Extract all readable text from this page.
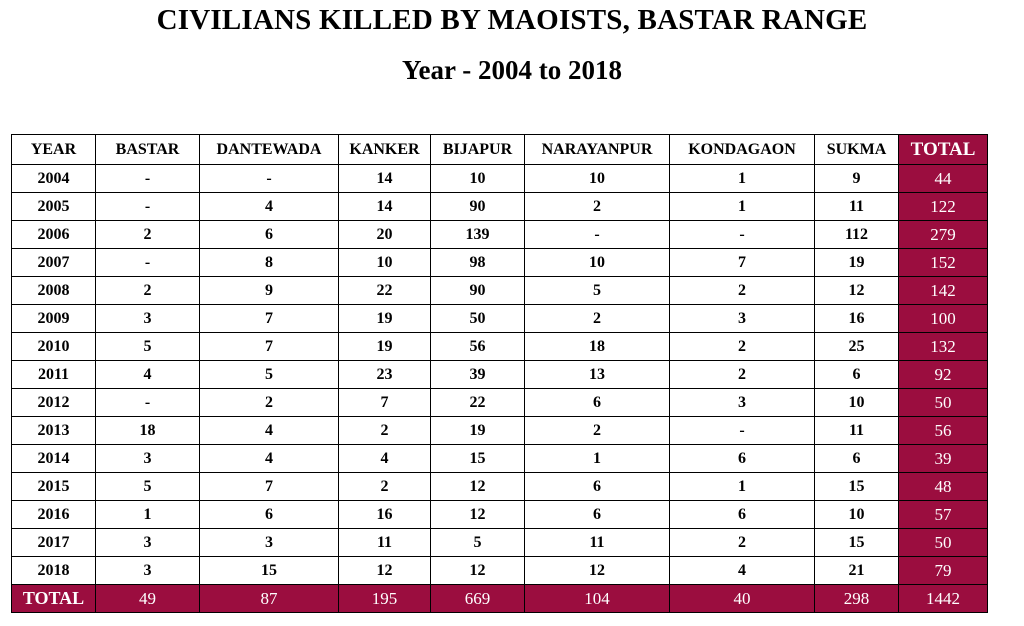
CIVILIANS KILLED BY MAOISTS, BASTAR RANGE
Year - 2004 to 2018
YEAR	BASTAR	DANTEWADA	KANKER	BIJAPUR	NARAYANPUR	KONDAGAON	SUKMA	TOTAL
2004	-	-	14	10	10	1	9	44
2005	-	4	14	90	2	1	11	122
2006	2	6	20	139	-	-	112	279
2007	-	8	10	98	10	7	19	152
2008	2	9	22	90	5	2	12	142
2009	3	7	19	50	2	3	16	100
2010	5	7	19	56	18	2	25	132
2011	4	5	23	39	13	2	6	92
2012	-	2	7	22	6	3	10	50
2013	18	4	2	19	2	-	11	56
2014	3	4	4	15	1	6	6	39
2015	5	7	2	12	6	1	15	48
2016	1	6	16	12	6	6	10	57
2017	3	3	11	5	11	2	15	50
2018	3	15	12	12	12	4	21	79
TOTAL	49	87	195	669	104	40	298	1442
